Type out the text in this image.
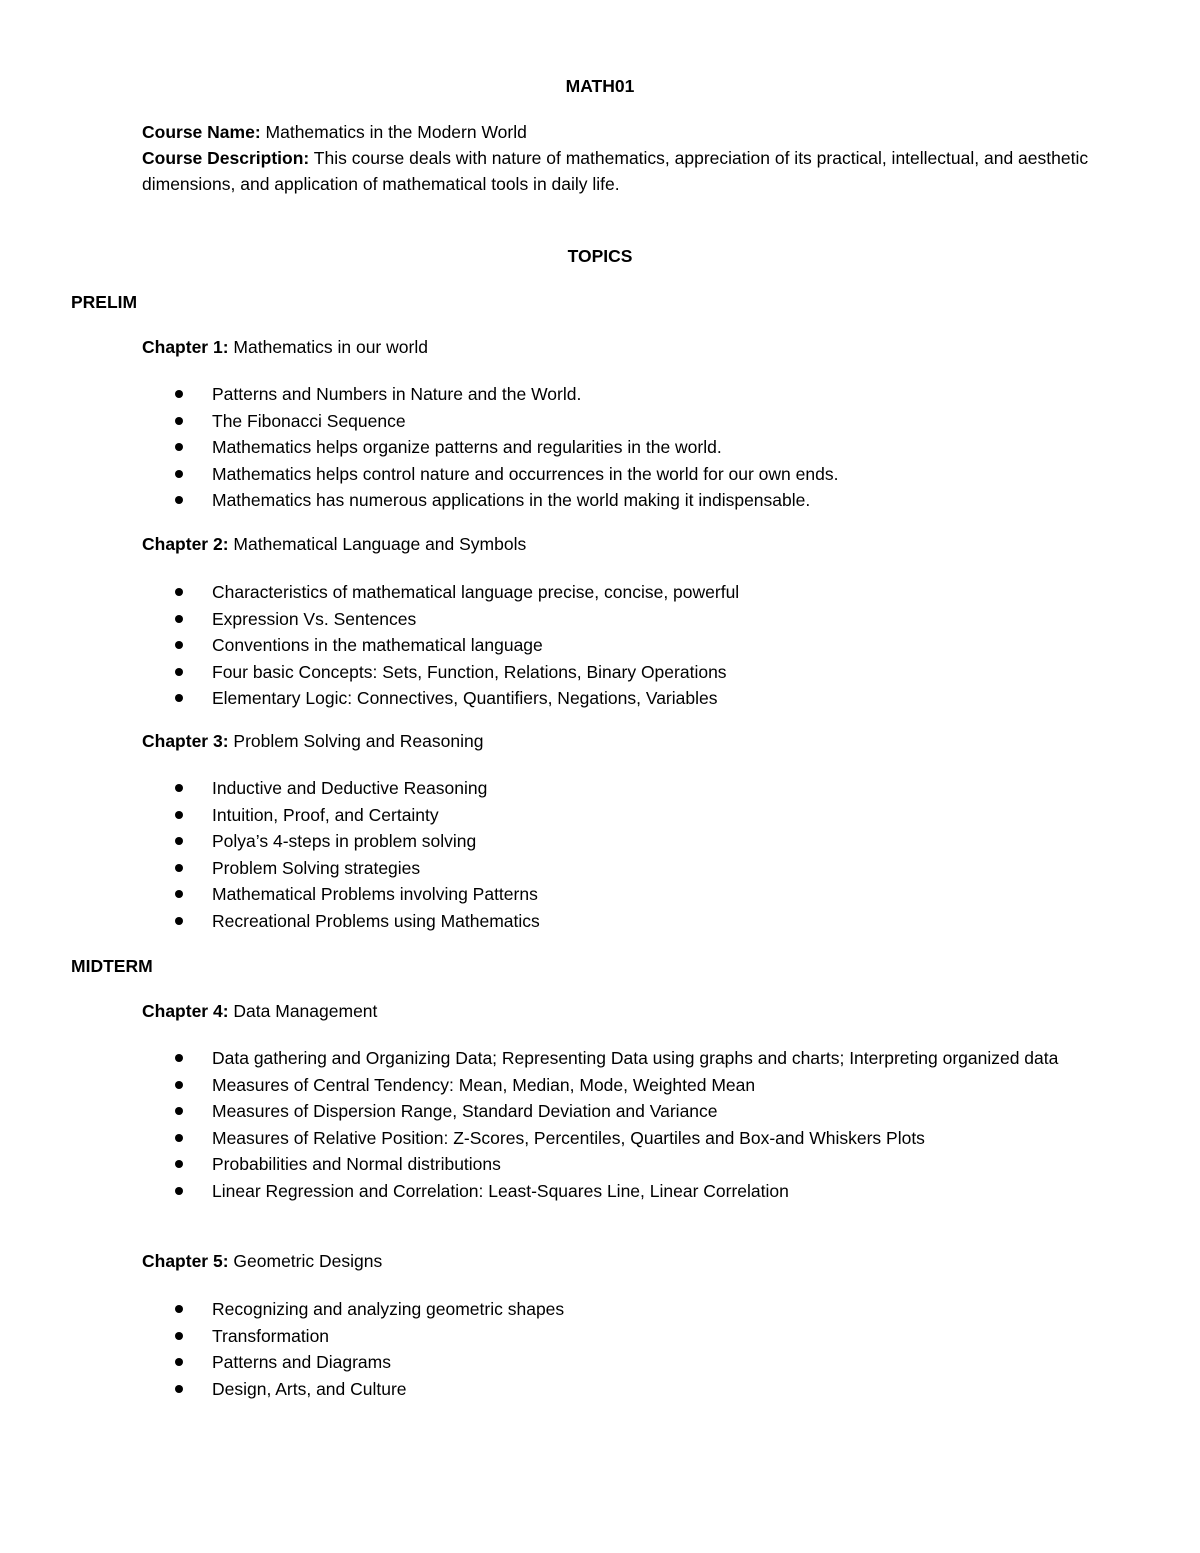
MATH01
Course Name: Mathematics in the Modern World
Course Description: This course deals with nature of mathematics, appreciation of its practical, intellectual, and aesthetic dimensions, and application of mathematical tools in daily life.
TOPICS
PRELIM
Chapter 1: Mathematics in our world
Patterns and Numbers in Nature and the World.
The Fibonacci Sequence
Mathematics helps organize patterns and regularities in the world.
Mathematics helps control nature and occurrences in the world for our own ends.
Mathematics has numerous applications in the world making it indispensable.
Chapter 2: Mathematical Language and Symbols
Characteristics of mathematical language precise, concise, powerful
Expression Vs. Sentences
Conventions in the mathematical language
Four basic Concepts: Sets, Function, Relations, Binary Operations
Elementary Logic: Connectives, Quantifiers, Negations, Variables
Chapter 3: Problem Solving and Reasoning
Inductive and Deductive Reasoning
Intuition, Proof, and Certainty
Polya’s 4-steps in problem solving
Problem Solving strategies
Mathematical Problems involving Patterns
Recreational Problems using Mathematics
MIDTERM
Chapter 4: Data Management
Data gathering and Organizing Data; Representing Data using graphs and charts; Interpreting organized data
Measures of Central Tendency: Mean, Median, Mode, Weighted Mean
Measures of Dispersion Range, Standard Deviation and Variance
Measures of Relative Position: Z-Scores, Percentiles, Quartiles and Box-and Whiskers Plots
Probabilities and Normal distributions
Linear Regression and Correlation: Least-Squares Line, Linear Correlation
Chapter 5: Geometric Designs
Recognizing and analyzing geometric shapes
Transformation
Patterns and Diagrams
Design, Arts, and Culture
